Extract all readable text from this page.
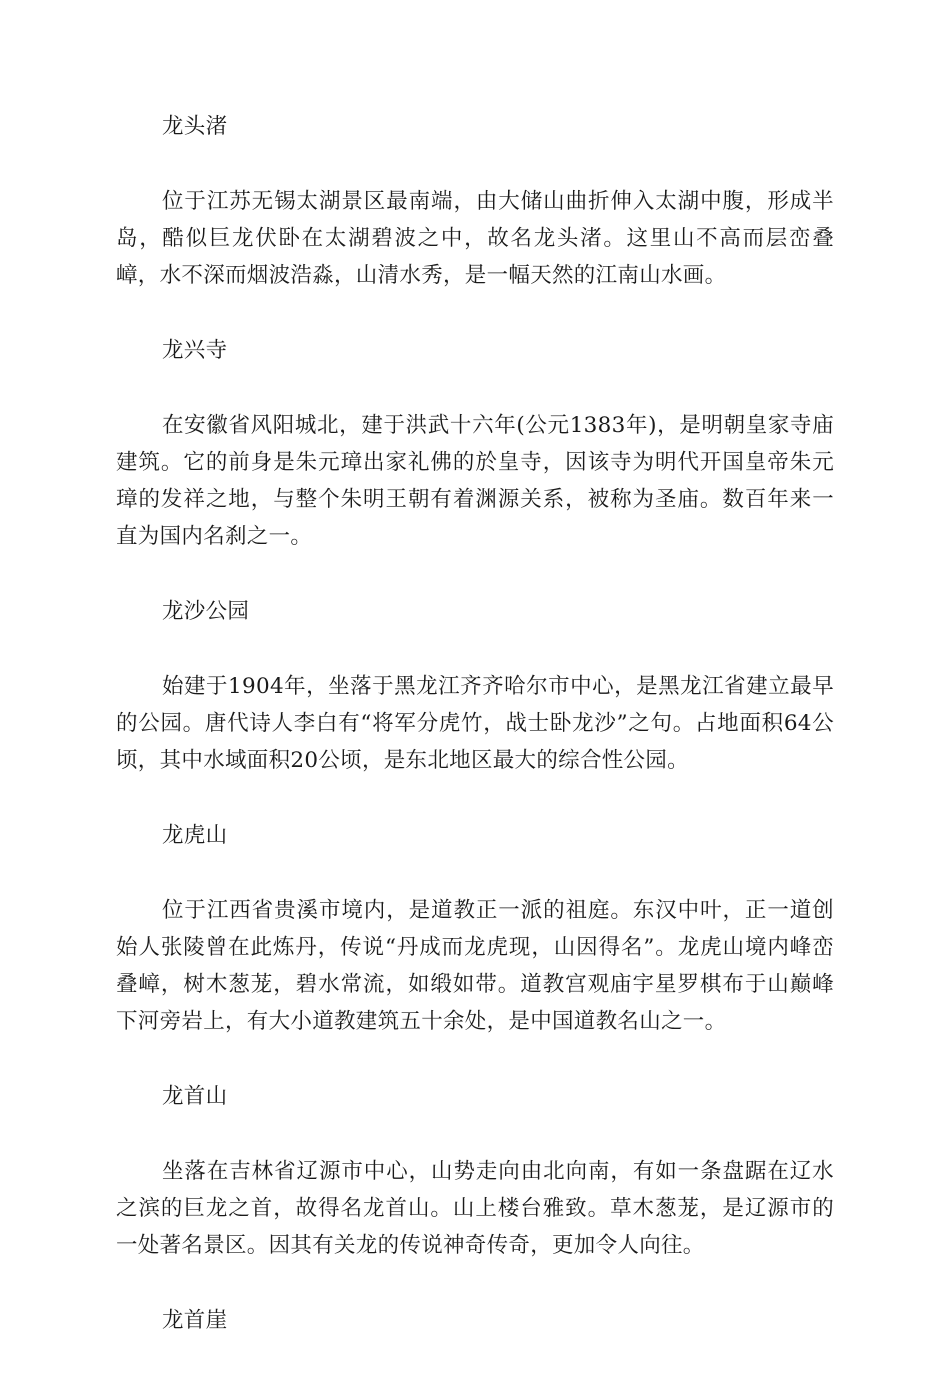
龙头渚

位于江苏无锡太湖景区最南端，由大储山曲折伸入太湖中腹，形成半岛，酷似巨龙伏卧在太湖碧波之中，故名龙头渚。这里山不高而层峦叠嶂，水不深而烟波浩淼，山清水秀，是一幅天然的江南山水画。

龙兴寺

在安徽省风阳城北，建于洪武十六年(公元1383年)，是明朝皇家寺庙建筑。它的前身是朱元璋出家礼佛的於皇寺，因该寺为明代开国皇帝朱元璋的发祥之地，与整个朱明王朝有着渊源关系，被称为圣庙。数百年来一直为国内名刹之一。

龙沙公园

始建于1904年，坐落于黑龙江齐齐哈尔市中心，是黑龙江省建立最早的公园。唐代诗人李白有“将军分虎竹，战士卧龙沙”之句。占地面积64公顷，其中水域面积20公顷，是东北地区最大的综合性公园。

龙虎山

位于江西省贵溪市境内，是道教正一派的祖庭。东汉中叶，正一道创始人张陵曾在此炼丹，传说“丹成而龙虎现，山因得名”。龙虎山境内峰峦叠嶂，树木葱茏，碧水常流，如缎如带。道教宫观庙宇星罗棋布于山巅峰下河旁岩上，有大小道教建筑五十余处，是中国道教名山之一。

龙首山

坐落在吉林省辽源市中心，山势走向由北向南，有如一条盘踞在辽水之滨的巨龙之首，故得名龙首山。山上楼台雅致。草木葱茏，是辽源市的一处著名景区。因其有关龙的传说神奇传奇，更加令人向往。

龙首崖
